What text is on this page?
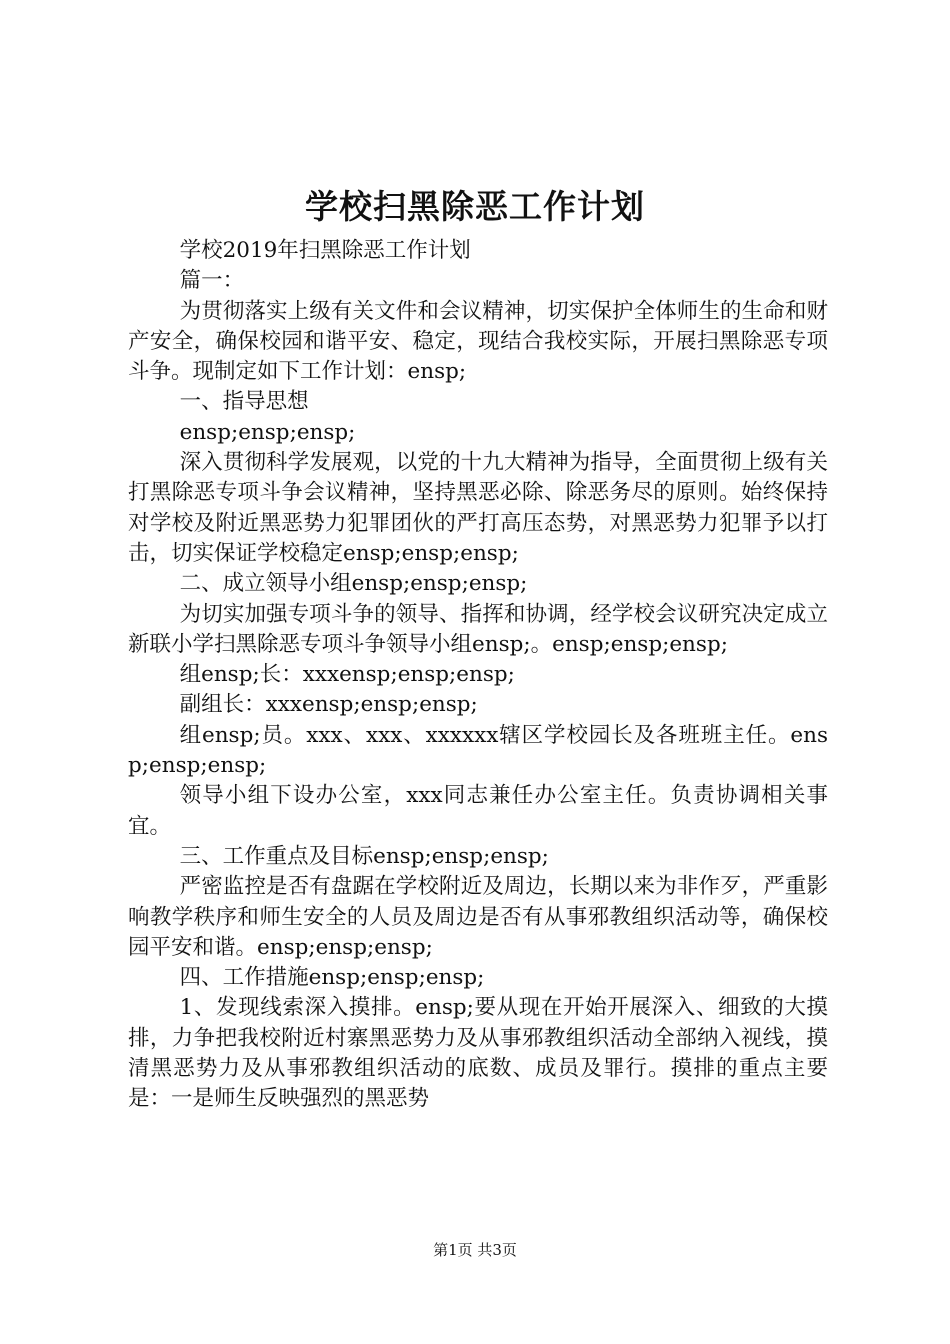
学校扫黑除恶工作计划

学校2019年扫黑除恶工作计划

篇一：

为贯彻落实上级有关文件和会议精神，切实保护全体师生的生命和财产安全，确保校园和谐平安、稳定，现结合我校实际，开展扫黑除恶专项斗争。现制定如下工作计划：ensp;

一、指导思想

ensp;ensp;ensp;

深入贯彻科学发展观，以党的十九大精神为指导，全面贯彻上级有关打黑除恶专项斗争会议精神，坚持黑恶必除、除恶务尽的原则。始终保持对学校及附近黑恶势力犯罪团伙的严打高压态势，对黑恶势力犯罪予以打击，切实保证学校稳定ensp;ensp;ensp;

二、成立领导小组ensp;ensp;ensp;

为切实加强专项斗争的领导、指挥和协调，经学校会议研究决定成立新联小学扫黑除恶专项斗争领导小组ensp;。ensp;ensp;ensp;

组ensp;长：xxxensp;ensp;ensp;

副组长：xxxensp;ensp;ensp;

组ensp;员。xxx、xxx、xxxxxx辖区学校园长及各班班主任。ensp;ensp;ensp;

领导小组下设办公室，xxx同志兼任办公室主任。负责协调相关事宜。

三、工作重点及目标ensp;ensp;ensp;

严密监控是否有盘踞在学校附近及周边，长期以来为非作歹，严重影响教学秩序和师生安全的人员及周边是否有从事邪教组织活动等，确保校园平安和谐。ensp;ensp;ensp;

四、工作措施ensp;ensp;ensp;

1、发现线索深入摸排。ensp;要从现在开始开展深入、细致的大摸排，力争把我校附近村寨黑恶势力及从事邪教组织活动全部纳入视线，摸清黑恶势力及从事邪教组织活动的底数、成员及罪行。摸排的重点主要是：一是师生反映强烈的黑恶势

第1页 共3页
